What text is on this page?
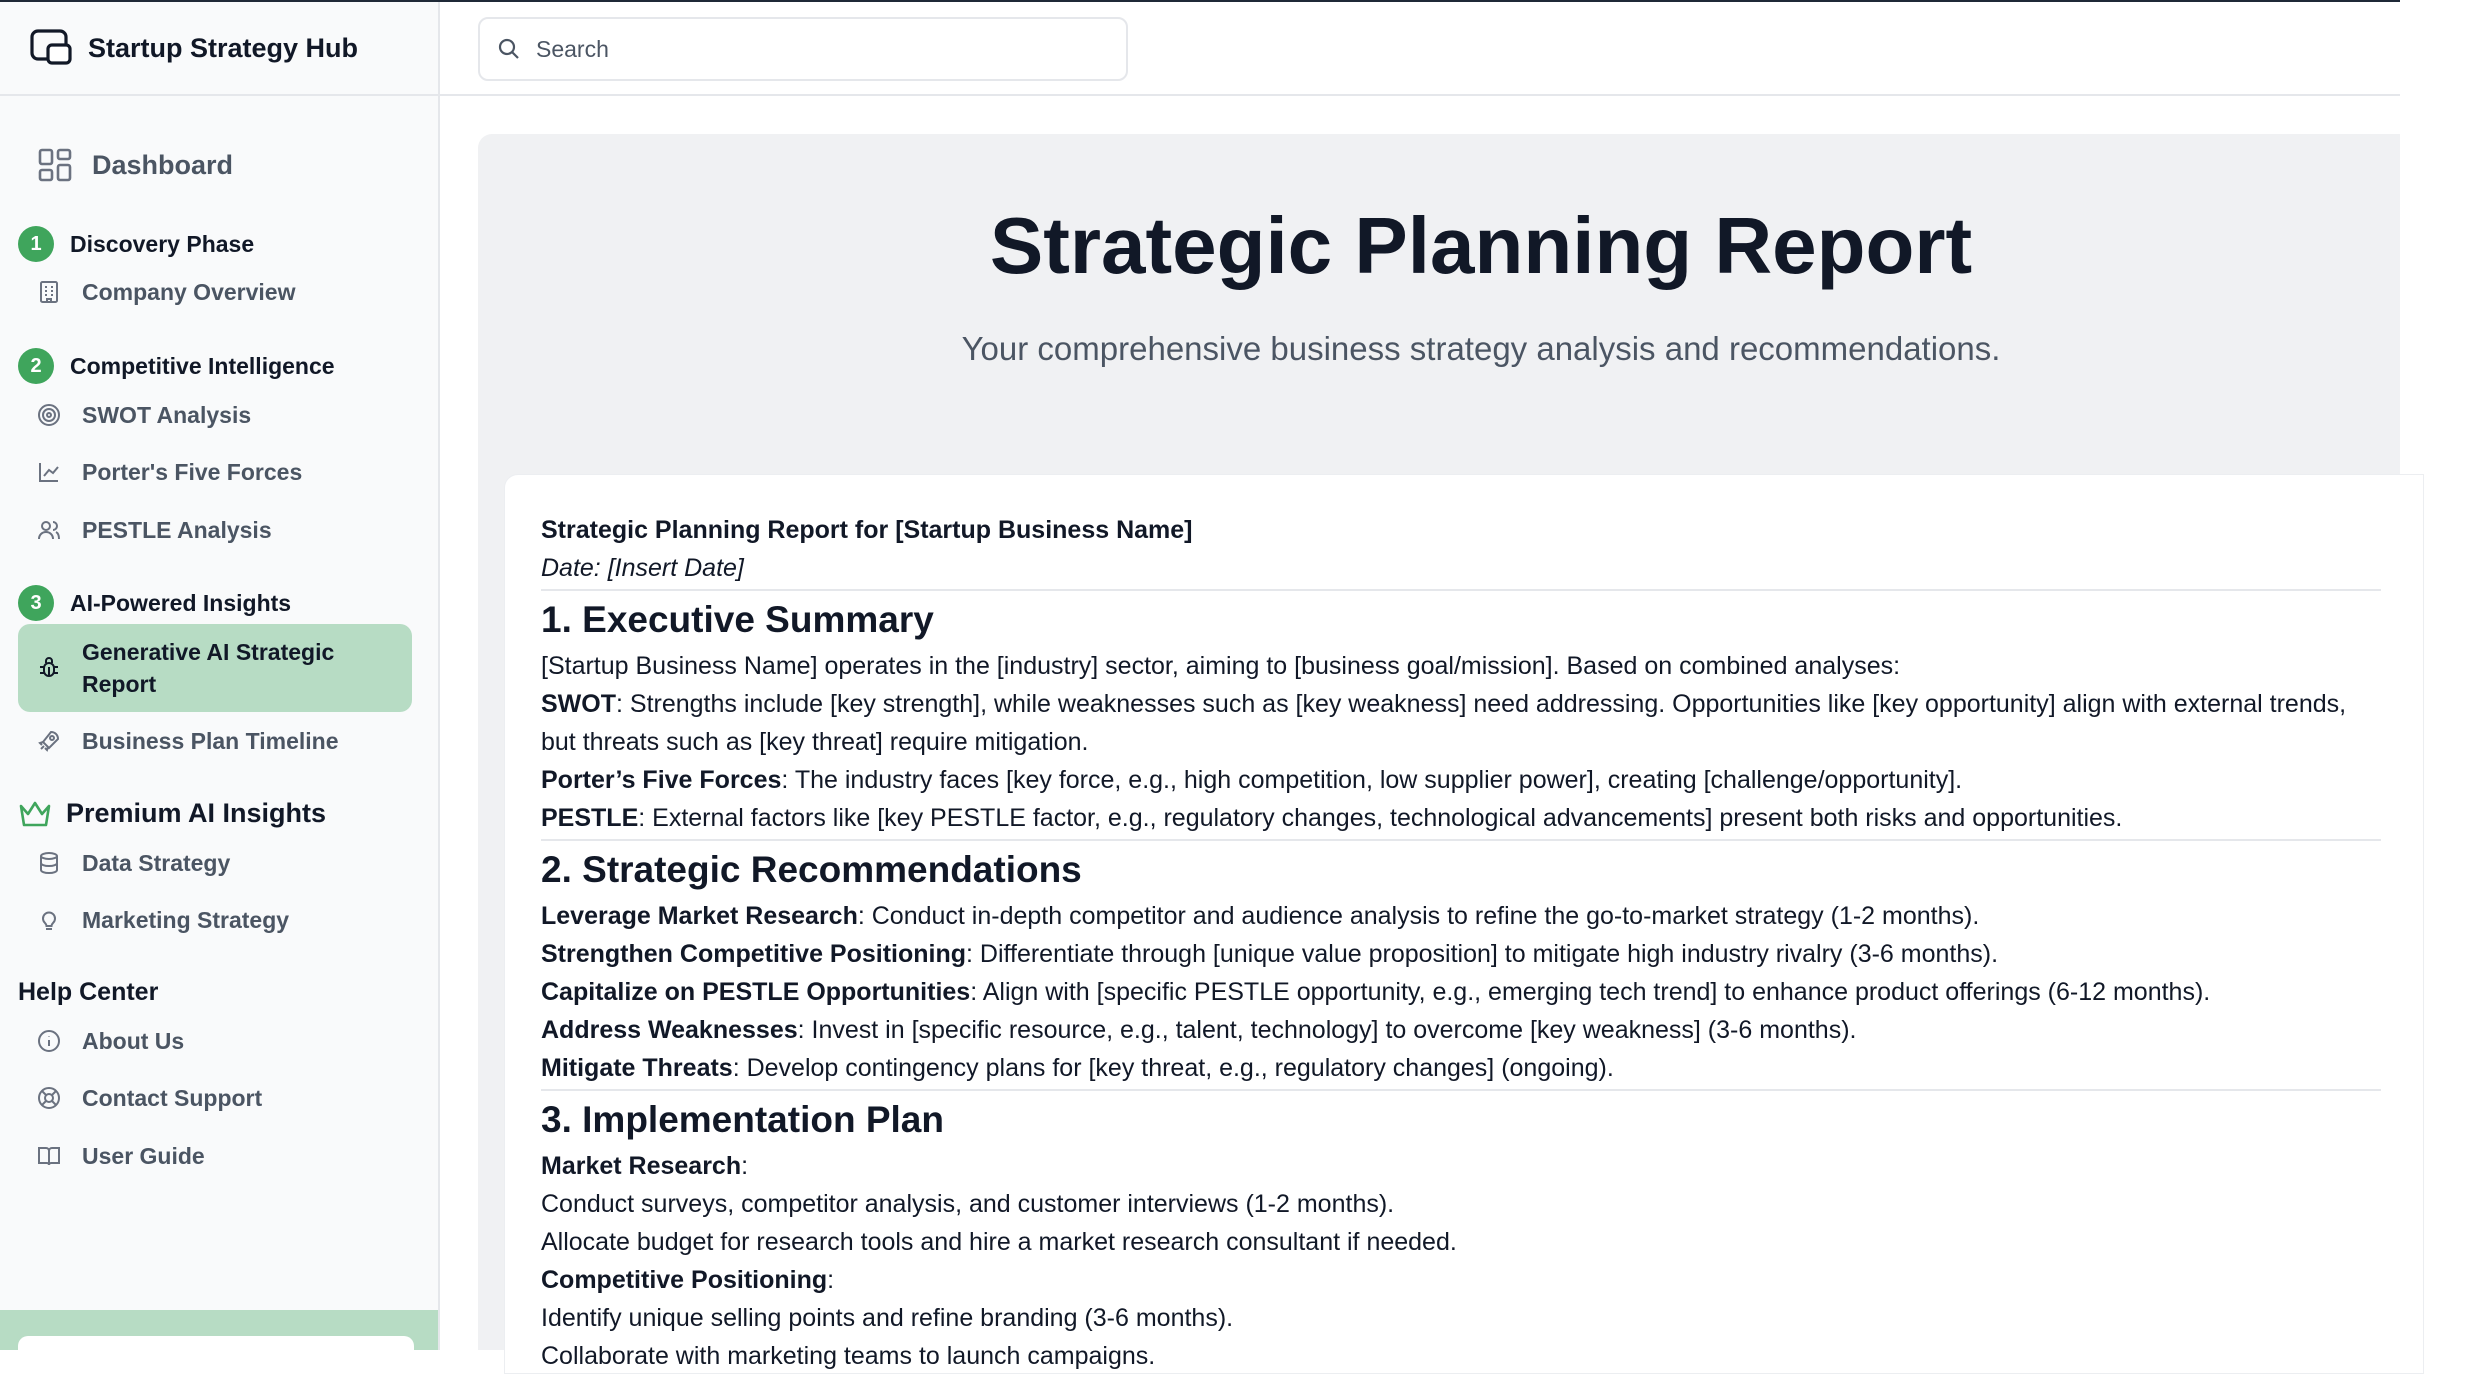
Startup Strategy Hub
Dashboard
1	Discovery Phase
Company Overview
2	Competitive Intelligence
SWOT Analysis
Porter's Five Forces
PESTLE Analysis
3	AI-Powered Insights
Generative AI Strategic Report
Business Plan Timeline
Premium AI Insights
Data Strategy
Marketing Strategy
Help Center
About Us
Contact Support
User Guide
Search
Strategic Planning Report
Your comprehensive business strategy analysis and recommendations.
Strategic Planning Report for [Startup Business Name]
Date: [Insert Date]
1. Executive Summary
[Startup Business Name] operates in the [industry] sector, aiming to [business goal/mission]. Based on combined analyses:
SWOT: Strengths include [key strength], while weaknesses such as [key weakness] need addressing. Opportunities like [key opportunity] align with external trends,
but threats such as [key threat] require mitigation.
Porter’s Five Forces: The industry faces [key force, e.g., high competition, low supplier power], creating [challenge/opportunity].
PESTLE: External factors like [key PESTLE factor, e.g., regulatory changes, technological advancements] present both risks and opportunities.
2. Strategic Recommendations
Leverage Market Research: Conduct in-depth competitor and audience analysis to refine the go-to-market strategy (1-2 months).
Strengthen Competitive Positioning: Differentiate through [unique value proposition] to mitigate high industry rivalry (3-6 months).
Capitalize on PESTLE Opportunities: Align with [specific PESTLE opportunity, e.g., emerging tech trend] to enhance product offerings (6-12 months).
Address Weaknesses: Invest in [specific resource, e.g., talent, technology] to overcome [key weakness] (3-6 months).
Mitigate Threats: Develop contingency plans for [key threat, e.g., regulatory changes] (ongoing).
3. Implementation Plan
Market Research:
Conduct surveys, competitor analysis, and customer interviews (1-2 months).
Allocate budget for research tools and hire a market research consultant if needed.
Competitive Positioning:
Identify unique selling points and refine branding (3-6 months).
Collaborate with marketing teams to launch campaigns.
